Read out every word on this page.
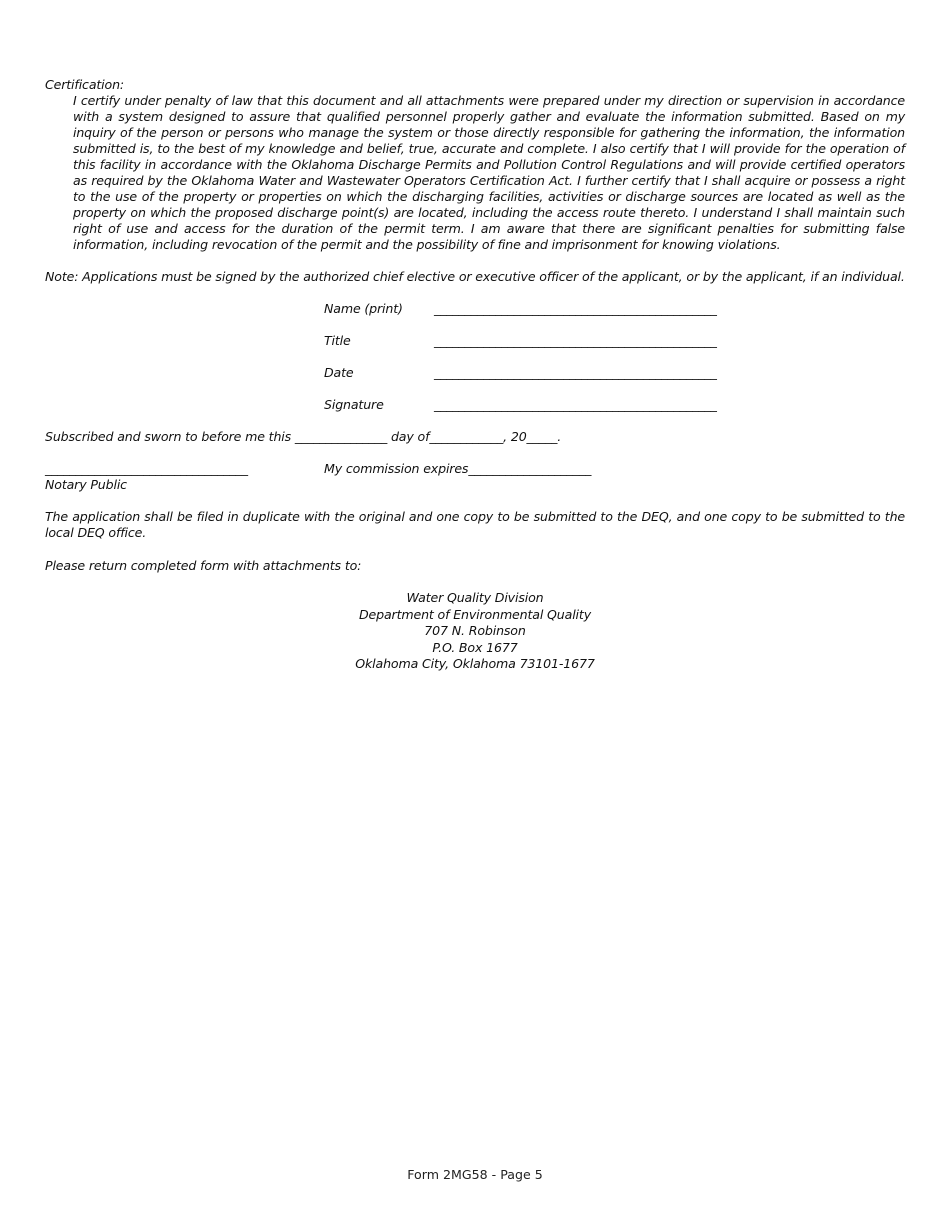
Certification:
I certify under penalty of law that this document and all attachments were prepared under my direction or supervision in accordance with a system designed to assure that qualified personnel properly gather and evaluate the information submitted. Based on my inquiry of the person or persons who manage the system or those directly responsible for gathering the information, the information submitted is, to the best of my knowledge and belief, true, accurate and complete. I also certify that I will provide for the operation of this facility in accordance with the Oklahoma Discharge Permits and Pollution Control Regulations and will provide certified operators as required by the Oklahoma Water and Wastewater Operators Certification Act. I further certify that I shall acquire or possess a right to the use of the property or properties on which the discharging facilities, activities or discharge sources are located as well as the property on which the proposed discharge point(s) are located, including the access route thereto. I understand I shall maintain such right of use and access for the duration of the permit term. I am aware that there are significant penalties for submitting false information, including revocation of the permit and the possibility of fine and imprisonment for knowing violations.
Note: Applications must be signed by the authorized chief elective or executive officer of the applicant, or by the applicant, if an individual.
Name (print) ______________________________________________
Title	______________________________________________
Date	______________________________________________
Signature	______________________________________________
Subscribed and sworn to before me this _______________ day of____________, 20_____.
_________________________________	My commission expires____________________
Notary Public
The application shall be filed in duplicate with the original and one copy to be submitted to the DEQ, and one copy to be submitted to the local DEQ office.
Please return completed form with attachments to:
Water Quality Division
Department of Environmental Quality
707 N. Robinson
P.O. Box 1677
Oklahoma City, Oklahoma 73101-1677
Form 2MG58 - Page 5
